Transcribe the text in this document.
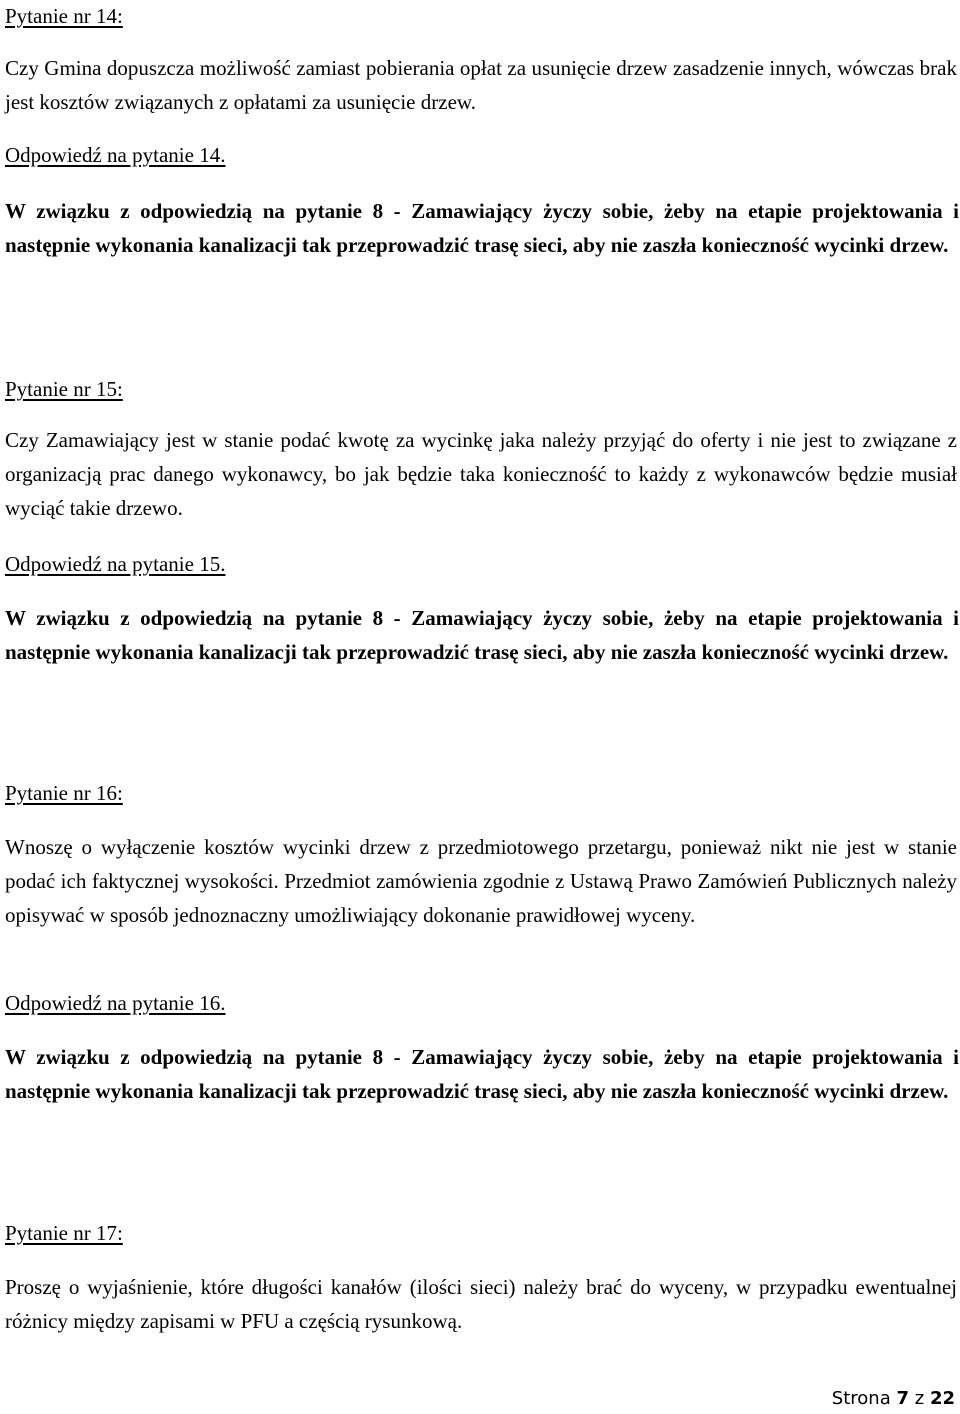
Pytanie nr 14:

Czy Gmina dopuszcza możliwość zamiast pobierania opłat za usunięcie drzew zasadzenie innych, wówczas brak jest kosztów związanych z opłatami za usunięcie drzew.

Odpowiedź na pytanie 14.

W związku z odpowiedzią na pytanie 8 - Zamawiający życzy sobie, żeby na etapie projektowania i następnie wykonania kanalizacji tak przeprowadzić trasę sieci, aby nie zaszła konieczność wycinki drzew.

Pytanie nr 15:

Czy Zamawiający jest w stanie podać kwotę za wycinkę jaka należy przyjąć do oferty i nie jest to związane z organizacją prac danego wykonawcy, bo jak będzie taka konieczność to każdy z wykonawców będzie musiał wyciąć takie drzewo.

Odpowiedź na pytanie 15.

W związku z odpowiedzią na pytanie 8 - Zamawiający życzy sobie, żeby na etapie projektowania i następnie wykonania kanalizacji tak przeprowadzić trasę sieci, aby nie zaszła konieczność wycinki drzew.

Pytanie nr 16:

Wnoszę o wyłączenie kosztów wycinki drzew z przedmiotowego przetargu, ponieważ nikt nie jest w stanie podać ich faktycznej wysokości. Przedmiot zamówienia zgodnie z Ustawą Prawo Zamówień Publicznych należy opisywać w sposób jednoznaczny umożliwiający dokonanie prawidłowej wyceny.

Odpowiedź na pytanie 16.

W związku z odpowiedzią na pytanie 8 - Zamawiający życzy sobie, żeby na etapie projektowania i następnie wykonania kanalizacji tak przeprowadzić trasę sieci, aby nie zaszła konieczność wycinki drzew.

Pytanie nr 17:

Proszę o wyjaśnienie, które długości kanałów (ilości sieci) należy brać do wyceny, w przypadku ewentualnej różnicy między zapisami w PFU a częścią rysunkową.

Strona 7 z 22
